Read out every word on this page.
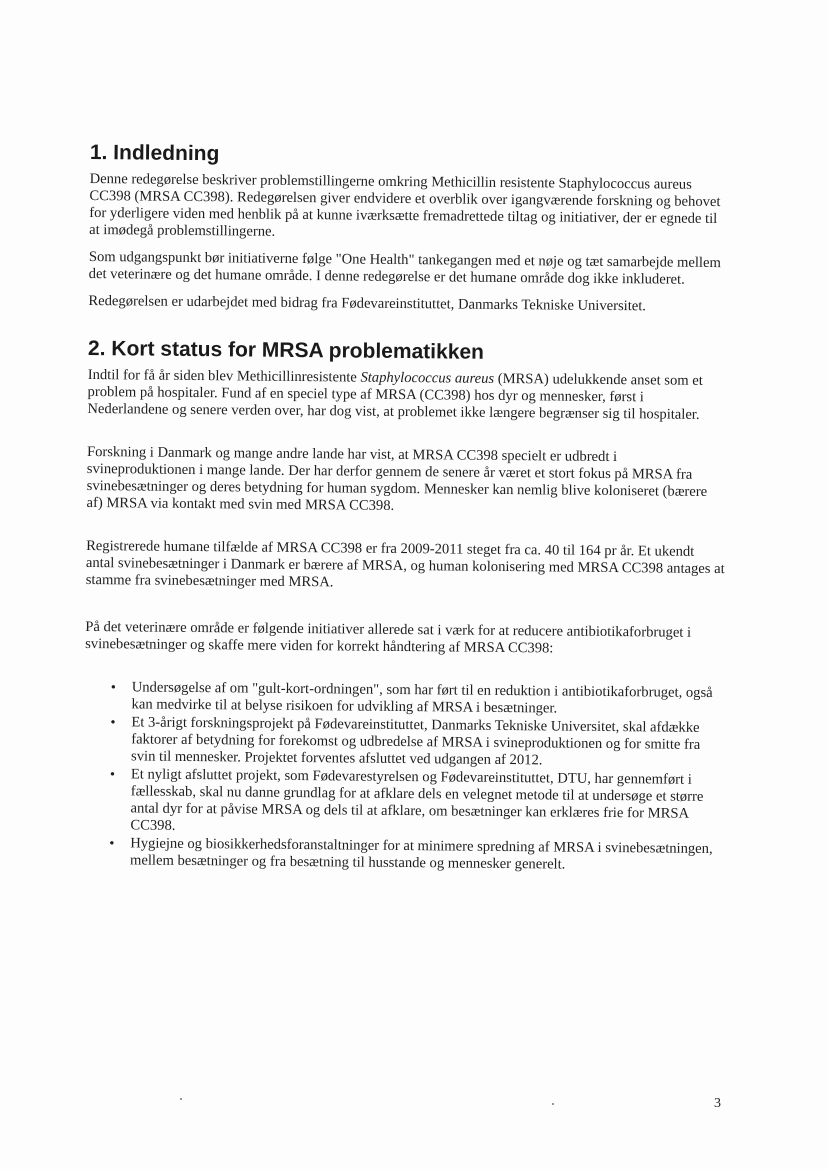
1. Indledning

Denne redegørelse beskriver problemstillingerne omkring Methicillin resistente Staphylococcus aureus CC398 (MRSA CC398). Redegørelsen giver endvidere et overblik over igangværende forskning og behovet for yderligere viden med henblik på at kunne iværksætte fremadrettede tiltag og initiativer, der er egnede til at imødegå problemstillingerne.

Som udgangspunkt bør initiativerne følge "One Health" tankegangen med et nøje og tæt samarbejde mellem det veterinære og det humane område. I denne redegørelse er det humane område dog ikke inkluderet.

Redegørelsen er udarbejdet med bidrag fra Fødevareinstituttet, Danmarks Tekniske Universitet.

2. Kort status for MRSA problematikken

Indtil for få år siden blev Methicillinresistente Staphylococcus aureus (MRSA) udelukkende anset som et problem på hospitaler. Fund af en speciel type af MRSA (CC398) hos dyr og mennesker, først i Nederlandene og senere verden over, har dog vist, at problemet ikke længere begrænser sig til hospitaler.

Forskning i Danmark og mange andre lande har vist, at MRSA CC398 specielt er udbredt i svineproduktionen i mange lande. Der har derfor gennem de senere år været et stort fokus på MRSA fra svinebesætninger og deres betydning for human sygdom. Mennesker kan nemlig blive koloniseret (bærere af) MRSA via kontakt med svin med MRSA CC398.

Registrerede humane tilfælde af MRSA CC398 er fra 2009-2011 steget fra ca. 40 til 164 pr år. Et ukendt antal svinebesætninger i Danmark er bærere af MRSA, og human kolonisering med MRSA CC398 antages at stamme fra svinebesætninger med MRSA.

På det veterinære område er følgende initiativer allerede sat i værk for at reducere antibiotikaforbruget i svinebesætninger og skaffe mere viden for korrekt håndtering af MRSA CC398:

• Undersøgelse af om "gult-kort-ordningen", som har ført til en reduktion i antibiotikaforbruget, også kan medvirke til at belyse risikoen for udvikling af MRSA i besætninger.
• Et 3-årigt forskningsprojekt på Fødevareinstituttet, Danmarks Tekniske Universitet, skal afdække faktorer af betydning for forekomst og udbredelse af MRSA i svineproduktionen og for smitte fra svin til mennesker. Projektet forventes afsluttet ved udgangen af 2012.
• Et nyligt afsluttet projekt, som Fødevarestyrelsen og Fødevareinstituttet, DTU, har gennemført i fællesskab, skal nu danne grundlag for at afklare dels en velegnet metode til at undersøge et større antal dyr for at påvise MRSA og dels til at afklare, om besætninger kan erklæres frie for MRSA CC398.
• Hygiejne og biosikkerhedsforanstaltninger for at minimere spredning af MRSA i svinebesætningen, mellem besætninger og fra besætning til husstande og mennesker generelt.
3
